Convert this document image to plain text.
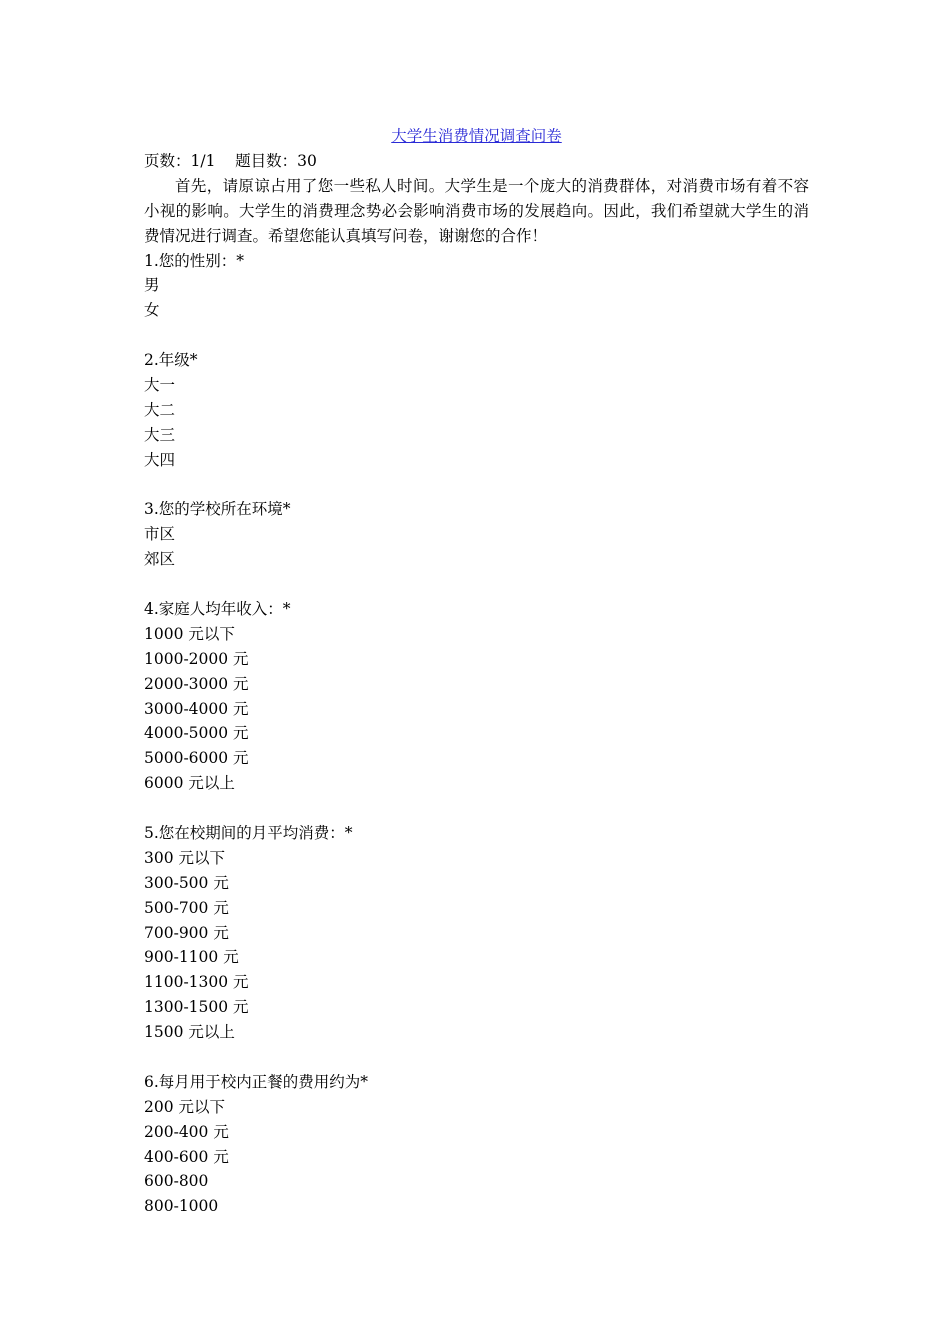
大学生消费情况调查问卷
页数：1/1    题目数：30

首先，请原谅占用了您一些私人时间。大学生是一个庞大的消费群体，对消费市场有着不容小视的影响。大学生的消费理念势必会影响消费市场的发展趋向。因此，我们希望就大学生的消费情况进行调查。希望您能认真填写问卷，谢谢您的合作！

1.您的性别：*
男
女
2.年级*
大一
大二
大三
大四
3.您的学校所在环境*
市区
郊区
4.家庭人均年收入：*
1000 元以下
1000-2000 元
2000-3000 元
3000-4000 元
4000-5000 元
5000-6000 元
6000 元以上
5.您在校期间的月平均消费：*
300 元以下
300-500 元
500-700 元
700-900 元
900-1100 元
1100-1300 元
1300-1500 元
1500 元以上
6.每月用于校内正餐的费用约为*
200 元以下
200-400 元
400-600 元
600-800
800-1000
